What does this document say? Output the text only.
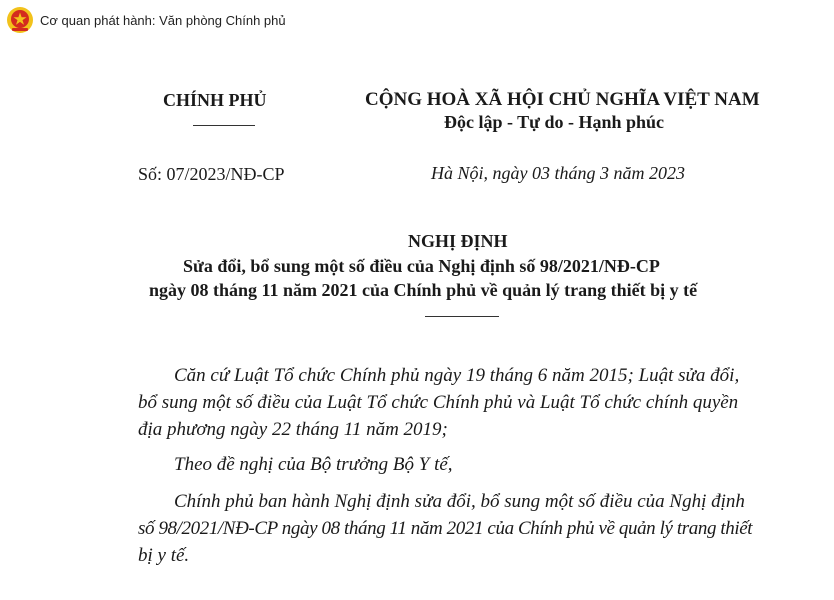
Cơ quan phát hành: Văn phòng Chính phủ
CHÍNH PHỦ	CỘNG HOÀ XÃ HỘI CHỦ NGHĨA VIỆT NAM
Độc lập - Tự do - Hạnh phúc
Số: 07/2023/NĐ-CP	Hà Nội, ngày 03 tháng 3 năm 2023
NGHỊ ĐỊNH
Sửa đổi, bổ sung một số điều của Nghị định số 98/2021/NĐ-CP
ngày 08 tháng 11 năm 2021 của Chính phủ về quản lý trang thiết bị y tế
Căn cứ Luật Tổ chức Chính phủ ngày 19 tháng 6 năm 2015; Luật sửa đổi,
bổ sung một số điều của Luật Tổ chức Chính phủ và Luật Tổ chức chính quyền
địa phương ngày 22 tháng 11 năm 2019;
Theo đề nghị của Bộ trưởng Bộ Y tế,
Chính phủ ban hành Nghị định sửa đổi, bổ sung một số điều của Nghị định
số 98/2021/NĐ-CP ngày 08 tháng 11 năm 2021 của Chính phủ về quản lý trang thiết
bị y tế.
